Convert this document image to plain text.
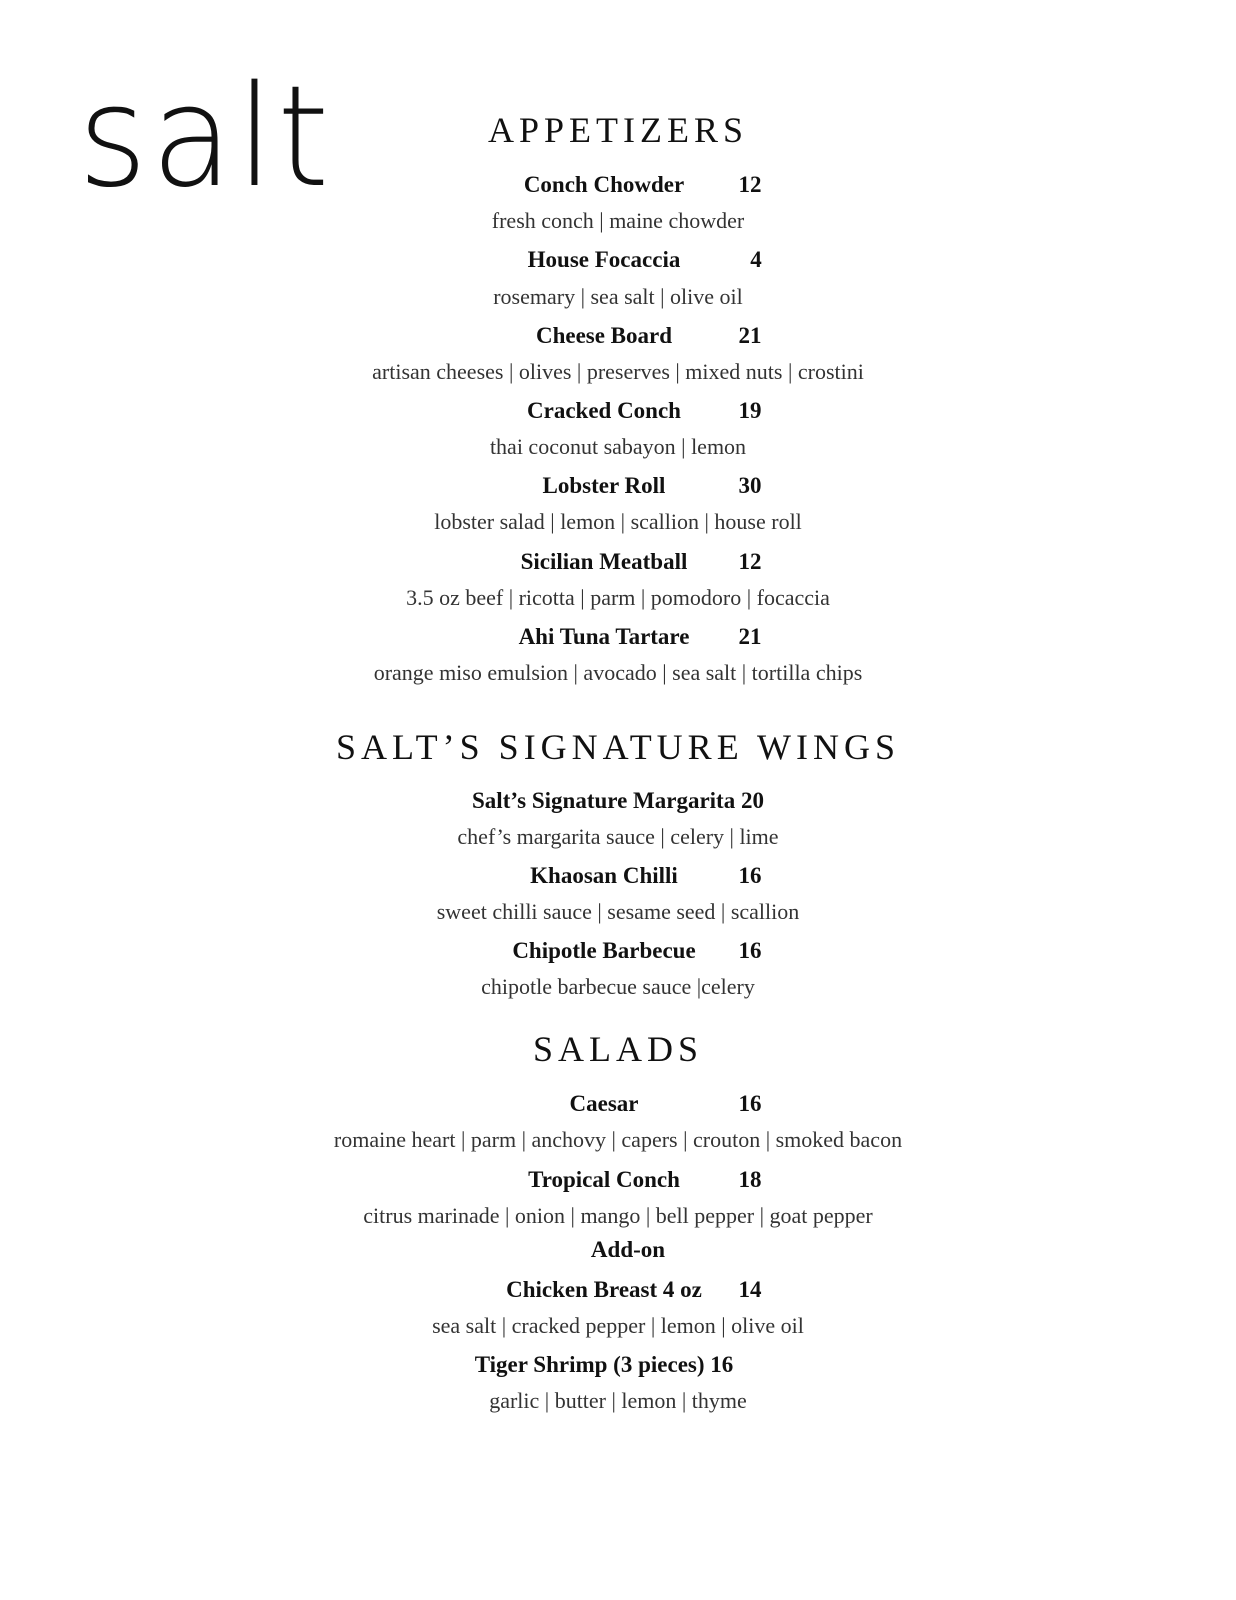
salt	APPETIZERS
Conch Chowder	12
fresh conch | maine chowder
House Focaccia	4
rosemary | sea salt | olive oil
Cheese Board	21
artisan cheeses | olives | preserves | mixed nuts | crostini
Cracked Conch	19
thai coconut sabayon | lemon
Lobster Roll	30
lobster salad | lemon | scallion | house roll
Sicilian Meatball	12
3.5 oz beef | ricotta | parm | pomodoro | focaccia
Ahi Tuna Tartare	21
orange miso emulsion | avocado | sea salt | tortilla chips
SALT’S SIGNATURE WINGS
Salt’s Signature Margarita 20
chef’s margarita sauce | celery | lime
Khaosan Chilli	16
sweet chilli sauce | sesame seed | scallion
Chipotle Barbecue	16
chipotle barbecue sauce |celery
SALADS
Caesar	16
romaine heart | parm | anchovy | capers | crouton | smoked bacon
Tropical Conch	18
citrus marinade | onion | mango | bell pepper | goat pepper
Add-on
Chicken Breast 4 oz	14
sea salt | cracked pepper | lemon | olive oil
Tiger Shrimp (3 pieces) 16
garlic | butter | lemon | thyme
